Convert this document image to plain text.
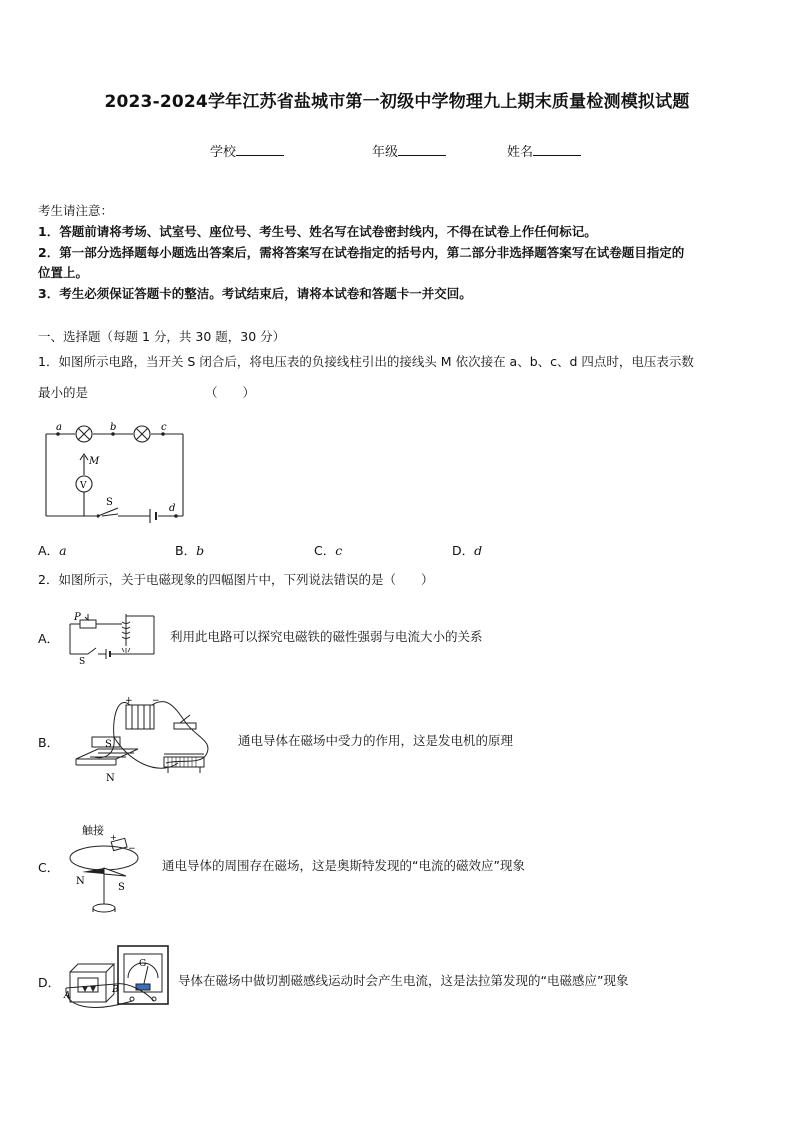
2023-2024学年江苏省盐城市第一初级中学物理九上期末质量检测模拟试题
学校	年级	姓名
考生请注意：
1．答题前请将考场、试室号、座位号、考生号、姓名写在试卷密封线内，不得在试卷上作任何标记。
2．第一部分选择题每小题选出答案后，需将答案写在试卷指定的括号内，第二部分非选择题答案写在试卷题目指定的
位置上。
3．考生必须保证答题卡的整洁。考试结束后，请将本试卷和答题卡一并交回。
一、选择题（每题 1 分，共 30 题，30 分）
1．如图所示电路，当开关 S 闭合后，将电压表的负接线柱引出的接线头 M 依次接在 a、b、c、d 四点时，电压表示数
最小的是	（　　）
a	b	c
d
M
V
S
A．a	B．b	C．c	D．d
2．如图所示，关于电磁现象的四幅图片中，下列说法错误的是（　　）
A．
P
S
利用此电路可以探究电磁铁的磁性强弱与电流大小的关系
B．	S
N
+ −
通电导体在磁场中受力的作用，这是发电机的原理
C．
触接
+
−
N
S
通电导体的周围存在磁场，这是奥斯特发现的“电流的磁效应”现象
D．
G
A
B
导体在磁场中做切割磁感线运动时会产生电流，这是法拉第发现的“电磁感应”现象
